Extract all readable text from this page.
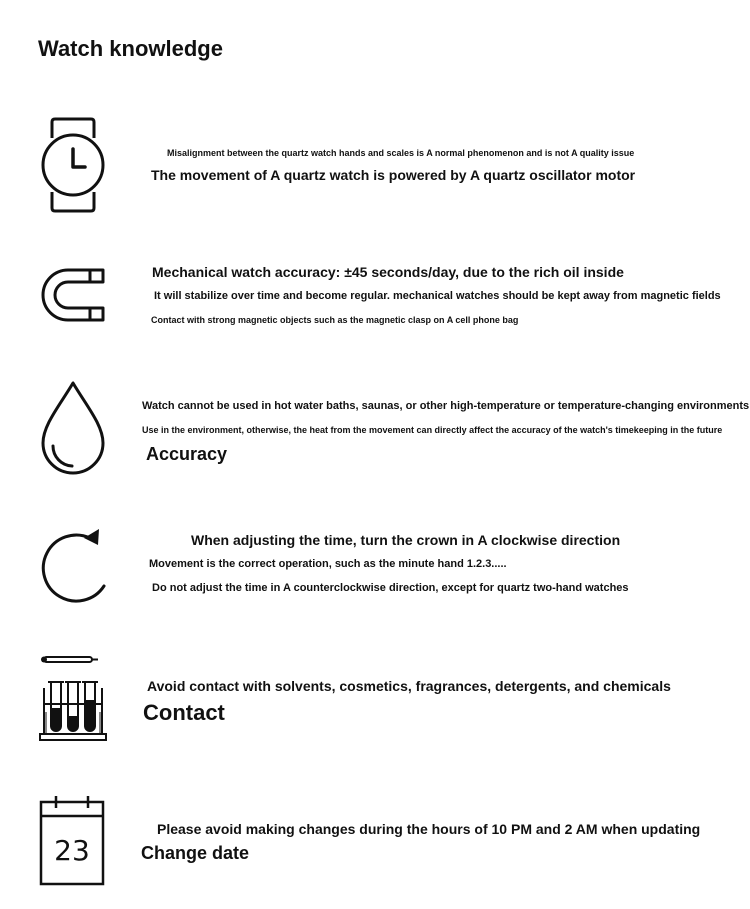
Watch knowledge

Misalignment between the quartz watch hands and scales is A normal phenomenon and is not A quality issue

The movement of A quartz watch is powered by A quartz oscillator motor

Mechanical watch accuracy: ±45 seconds/day, due to the rich oil inside

It will stabilize over time and become regular. mechanical watches should be kept away from magnetic fields

Contact with strong magnetic objects such as the magnetic clasp on A cell phone bag

Watch cannot be used in hot water baths, saunas, or other high-temperature or temperature-changing environments

Use in the environment, otherwise, the heat from the movement can directly affect the accuracy of the watch's timekeeping in the future

Accuracy

When adjusting the time, turn the crown in A clockwise direction

Movement is the correct operation, such as the minute hand 1.2.3.....

Do not adjust the time in A counterclockwise direction, except for quartz two-hand watches

Avoid contact with solvents, cosmetics, fragrances, detergents, and chemicals

Contact

23

Please avoid making changes during the hours of 10 PM and 2 AM when updating

Change date
